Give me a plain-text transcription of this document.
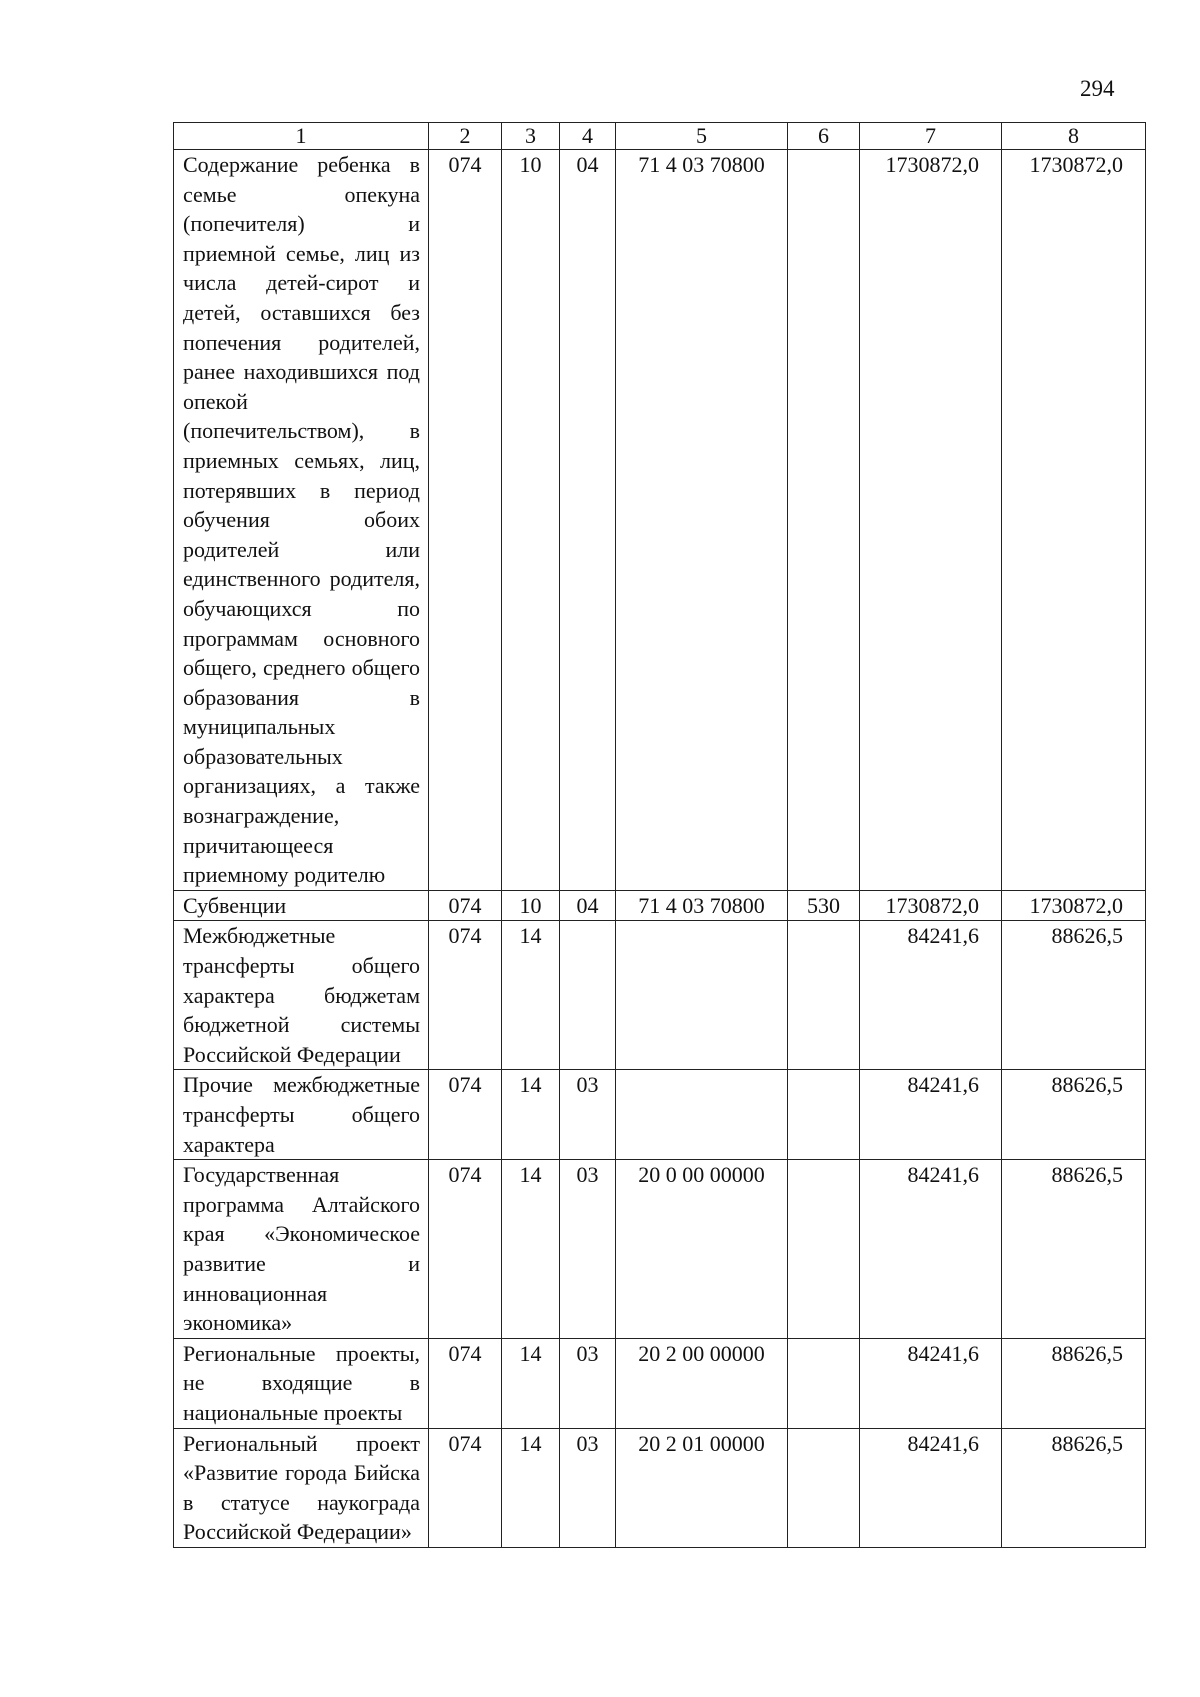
294
1	2	3	4	5	6	7	8
Содержание ребенка в семье опекуна (попечителя) и приемной семье, лиц из числа детей-сирот и детей, оставшихся без попечения родителей, ранее находившихся под опекой (попечительством), в приемных семьях, лиц, потерявших в период обучения обоих родителей или единственного родителя, обучающихся по программам основного общего, среднего общего образования в муниципальных образовательных организациях, а также вознаграждение, причитающееся приемному родителю	074	10	04	71 4 03 70800		1730872,0	1730872,0
Субвенции	074	10	04	71 4 03 70800	530	1730872,0	1730872,0
Межбюджетные трансферты общего характера бюджетам бюджетной системы Российской Федерации	074	14				84241,6	88626,5
Прочие межбюджетные трансферты общего характера	074	14	03			84241,6	88626,5
Государственная программа Алтайского края «Экономическое развитие и инновационная экономика»	074	14	03	20 0 00 00000		84241,6	88626,5
Региональные проекты, не входящие в национальные проекты	074	14	03	20 2 00 00000		84241,6	88626,5
Региональный проект «Развитие города Бийска в статусе наукограда Российской Федерации»	074	14	03	20 2 01 00000		84241,6	88626,5
